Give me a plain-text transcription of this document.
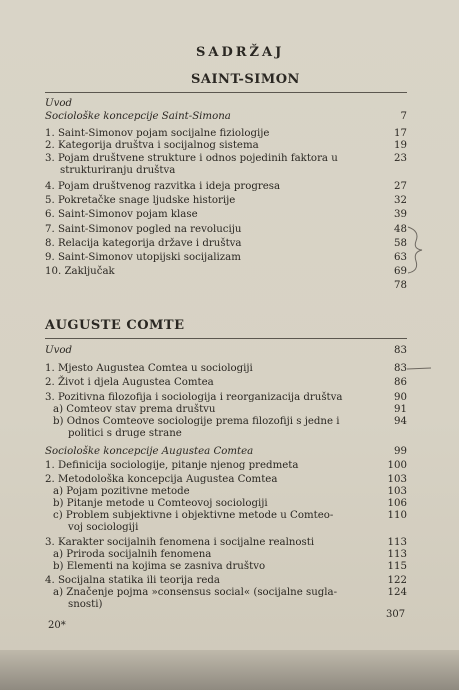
SADRŽAJ
SAINT-SIMON
Uvod
Sociološke koncepcije Saint-Simona	7
1. Saint-Simonov pojam socijalne fiziologije	17
2. Kategorija društva i socijalnog sistema	19
3. Pojam društvene strukture i odnos pojedinih faktora u	23
strukturiranju društva
4. Pojam društvenog razvitka i ideja progresa	27
5. Pokretačke snage ljudske historije	32
6. Saint-Simonov pojam klase	39
7. Saint-Simonov pogled na revoluciju	48
8. Relacija kategorija države i društva	58
9. Saint-Simonov utopijski socijalizam	63
10. Zaključak	69
78
AUGUSTE COMTE
Uvod	83
1. Mjesto Augustea Comtea u sociologiji	83
2. Život i djela Augustea Comtea	86
3. Pozitivna filozofija i sociologija i reorganizacija društva	90
a) Comteov stav prema društvu	91
b) Odnos Comteove sociologije prema filozofiji s jedne i	94
politici s druge strane
Sociološke koncepcije Augustea Comtea	99
1. Definicija sociologije, pitanje njenog predmeta	100
2. Metodološka koncepcija Augustea Comtea	103
a) Pojam pozitivne metode	103
b) Pitanje metode u Comteovoj sociologiji	106
c) Problem subjektivne i objektivne metode u Comteo-	110
voj sociologiji
3. Karakter socijalnih fenomena i socijalne realnosti	113
a) Priroda socijalnih fenomena	113
b) Elementi na kojima se zasniva društvo	115
4. Socijalna statika ili teorija reda	122
a) Značenje pojma »consensus social« (socijalne sugla-	124
snosti)
20*
307
